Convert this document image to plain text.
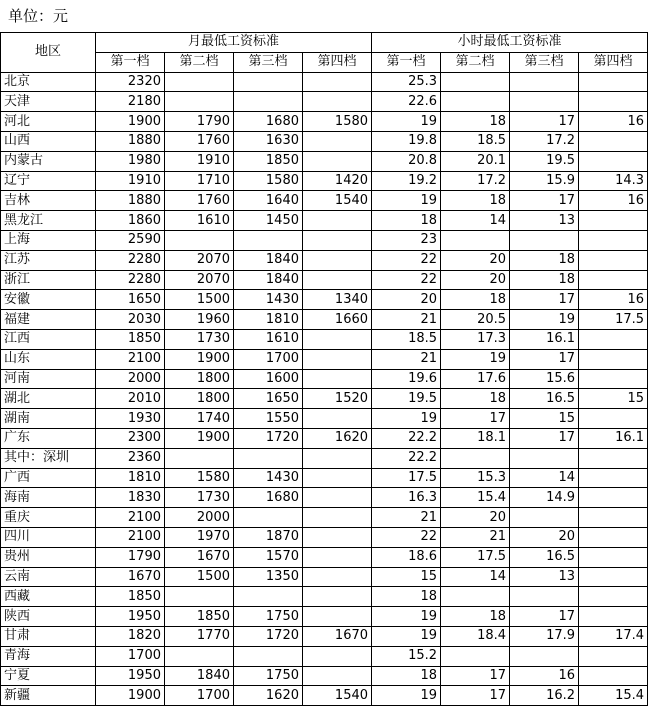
单位：元
地区	月最低工资标准				小时最低工资标准			
	第一档	第二档	第三档	第四档	第一档	第二档	第三档	第四档
北京	2320				25.3			
天津	2180				22.6			
河北	1900	1790	1680	1580	19	18	17	16
山西	1880	1760	1630		19.8	18.5	17.2	
内蒙古	1980	1910	1850		20.8	20.1	19.5	
辽宁	1910	1710	1580	1420	19.2	17.2	15.9	14.3
吉林	1880	1760	1640	1540	19	18	17	16
黑龙江	1860	1610	1450		18	14	13	
上海	2590				23			
江苏	2280	2070	1840		22	20	18	
浙江	2280	2070	1840		22	20	18	
安徽	1650	1500	1430	1340	20	18	17	16
福建	2030	1960	1810	1660	21	20.5	19	17.5
江西	1850	1730	1610		18.5	17.3	16.1	
山东	2100	1900	1700		21	19	17	
河南	2000	1800	1600		19.6	17.6	15.6	
湖北	2010	1800	1650	1520	19.5	18	16.5	15
湖南	1930	1740	1550		19	17	15	
广东	2300	1900	1720	1620	22.2	18.1	17	16.1
其中：深圳	2360				22.2			
广西	1810	1580	1430		17.5	15.3	14	
海南	1830	1730	1680		16.3	15.4	14.9	
重庆	2100	2000			21	20		
四川	2100	1970	1870		22	21	20	
贵州	1790	1670	1570		18.6	17.5	16.5	
云南	1670	1500	1350		15	14	13	
西藏	1850				18			
陕西	1950	1850	1750		19	18	17	
甘肃	1820	1770	1720	1670	19	18.4	17.9	17.4
青海	1700				15.2			
宁夏	1950	1840	1750		18	17	16	
新疆	1900	1700	1620	1540	19	17	16.2	15.4
